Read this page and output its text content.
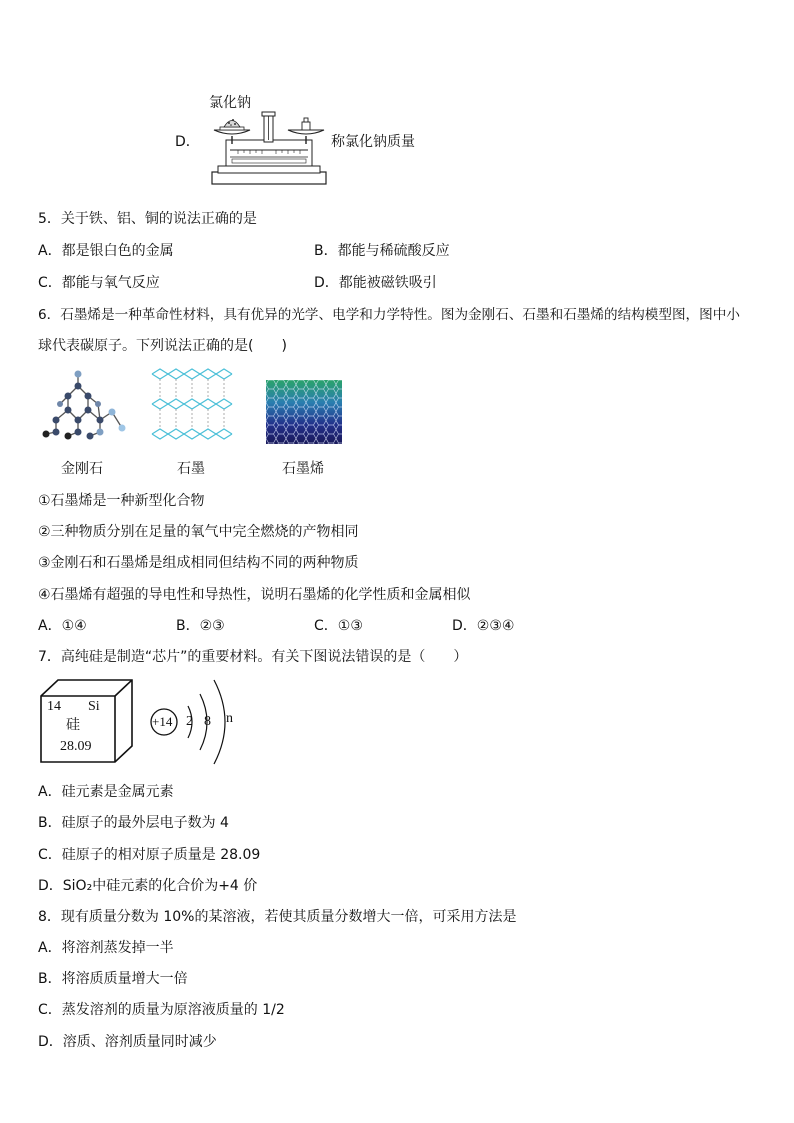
D．
氯化钠
称氯化钠质量
5．关于铁、铝、铜的说法正确的是
A．都是银白色的金属	B．都能与稀硫酸反应
C．都能与氧气反应	D．都能被磁铁吸引
6．石墨烯是一种革命性材料，具有优异的光学、电学和力学特性。图为金刚石、石墨和石墨烯的结构模型图，图中小
球代表碳原子。下列说法正确的是(　　)
金刚石	石墨	石墨烯
①石墨烯是一种新型化合物
②三种物质分别在足量的氧气中完全燃烧的产物相同
③金刚石和石墨烯是组成相同但结构不同的两种物质
④石墨烯有超强的导电性和导热性，说明石墨烯的化学性质和金属相似
A．①④	B．②③	C．①③	D．②③④
7．高纯硅是制造“芯片”的重要材料。有关下图说法错误的是（　　）
14 Si
硅
28.09
+14 2 8 n
A．硅元素是金属元素
B．硅原子的最外层电子数为 4
C．硅原子的相对原子质量是 28.09
D．SiO₂中硅元素的化合价为+4 价
8．现有质量分数为 10%的某溶液，若使其质量分数增大一倍，可采用方法是
A．将溶剂蒸发掉一半
B．将溶质质量增大一倍
C．蒸发溶剂的质量为原溶液质量的 1/2
D．溶质、溶剂质量同时减少
